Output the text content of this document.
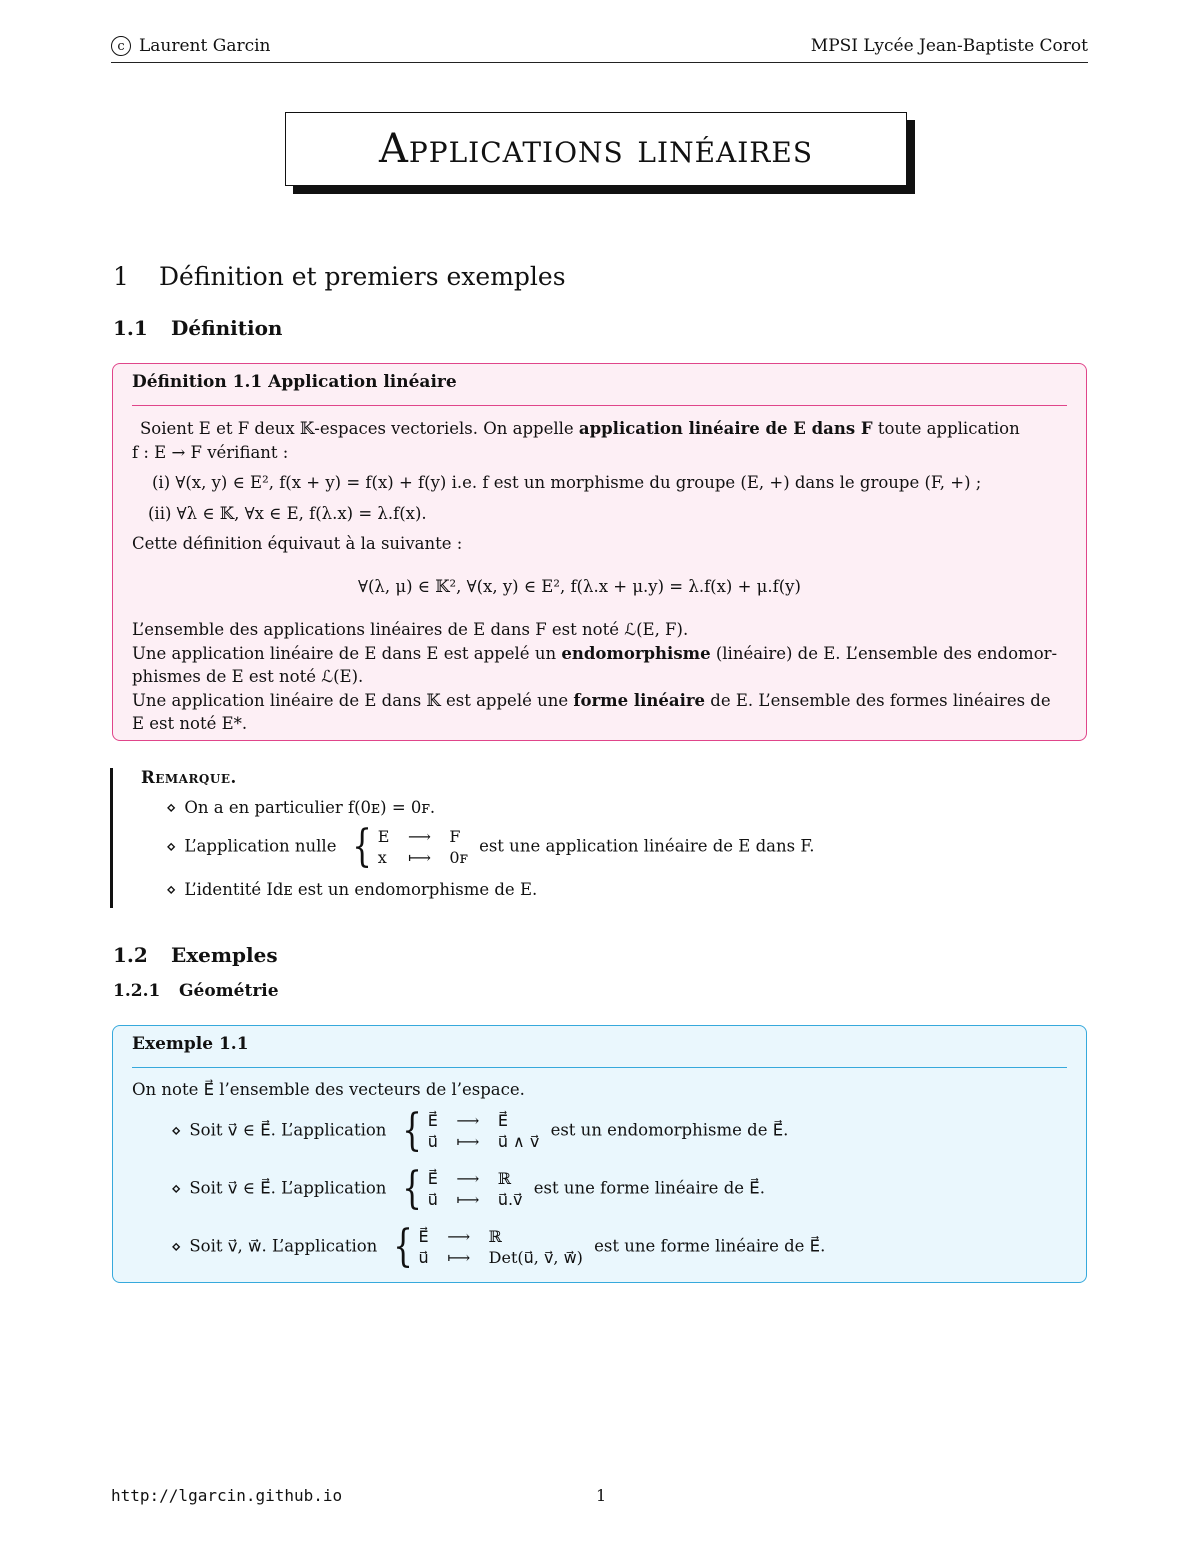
c Laurent Garcin	MPSI Lycée Jean-Baptiste Corot
Applications linéaires
1 Définition et premiers exemples
1.1 Définition
Définition 1.1 Application linéaire
Soient E et F deux 𝕂-espaces vectoriels. On appelle application linéaire de E dans F toute application
f : E → F vérifiant :
(i) ∀(x, y) ∈ E², f(x + y) = f(x) + f(y) i.e. f est un morphisme du groupe (E, +) dans le groupe (F, +) ;
(ii) ∀λ ∈ 𝕂, ∀x ∈ E, f(λ.x) = λ.f(x).
Cette définition équivaut à la suivante :
∀(λ, μ) ∈ 𝕂², ∀(x, y) ∈ E², f(λ.x + μ.y) = λ.f(x) + μ.f(y)
L’ensemble des applications linéaires de E dans F est noté ℒ(E, F).
Une application linéaire de E dans E est appelé un endomorphisme (linéaire) de E. L’ensemble des endomor-
phismes de E est noté ℒ(E).
Une application linéaire de E dans 𝕂 est appelé une forme linéaire de E. L’ensemble des formes linéaires de
E est noté E*.
Remarque.
⋄ On a en particulier f(0ᴇ) = 0ꜰ.
⋄ L’application nulle { E	⟶	F
x	⟼	0ꜰ
est une application linéaire de E dans F.
⋄ L’identité Idᴇ est un endomorphisme de E.
1.2 Exemples
1.2.1 Géométrie
Exemple 1.1
On note E⃗ l’ensemble des vecteurs de l’espace.
⋄ Soit v⃗ ∈ E⃗. L’application { E⃗	⟶	E⃗
u⃗	⟼	u⃗ ∧ v⃗
est un endomorphisme de E⃗.
⋄ Soit v⃗ ∈ E⃗. L’application { E⃗	⟶	ℝ
u⃗	⟼	u⃗.v⃗
est une forme linéaire de E⃗.
⋄ Soit v⃗, w⃗. L’application { E⃗	⟶	ℝ
u⃗	⟼	Det(u⃗, v⃗, w⃗)
est une forme linéaire de E⃗.
http://lgarcin.github.io	1
